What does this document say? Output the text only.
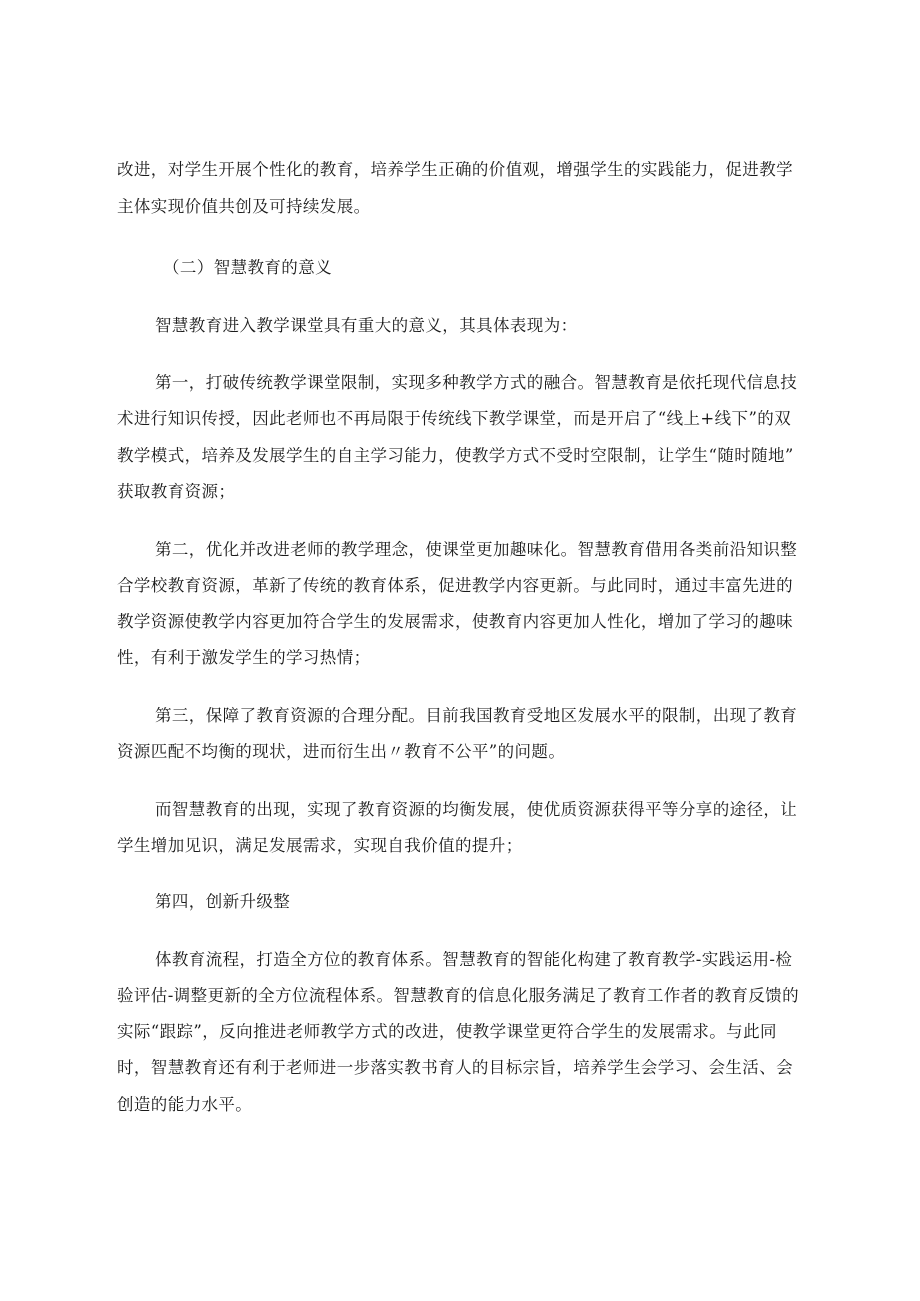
改进，对学生开展个性化的教育，培养学生正确的价值观，增强学生的实践能力，促进教学
主体实现价值共创及可持续发展。
（二）智慧教育的意义
智慧教育进入教学课堂具有重大的意义，其具体表现为：
第一，打破传统教学课堂限制，实现多种教学方式的融合。智慧教育是依托现代信息技
术进行知识传授，因此老师也不再局限于传统线下教学课堂，而是开启了“线上+线下”的双
教学模式，培养及发展学生的自主学习能力，使教学方式不受时空限制，让学生“随时随地”
获取教育资源；
第二，优化并改进老师的教学理念，使课堂更加趣味化。智慧教育借用各类前沿知识整
合学校教育资源，革新了传统的教育体系，促进教学内容更新。与此同时，通过丰富先进的
教学资源使教学内容更加符合学生的发展需求，使教育内容更加人性化，增加了学习的趣味
性，有利于激发学生的学习热情；
第三，保障了教育资源的合理分配。目前我国教育受地区发展水平的限制，出现了教育
资源匹配不均衡的现状，进而衍生出〃教育不公平”的问题。
而智慧教育的出现，实现了教育资源的均衡发展，使优质资源获得平等分享的途径，让
学生增加见识，满足发展需求，实现自我价值的提升；
第四，创新升级整
体教育流程，打造全方位的教育体系。智慧教育的智能化构建了教育教学-实践运用-检
验评估-调整更新的全方位流程体系。智慧教育的信息化服务满足了教育工作者的教育反馈的
实际“跟踪”，反向推进老师教学方式的改进，使教学课堂更符合学生的发展需求。与此同
时，智慧教育还有利于老师进一步落实教书育人的目标宗旨，培养学生会学习、会生活、会
创造的能力水平。
